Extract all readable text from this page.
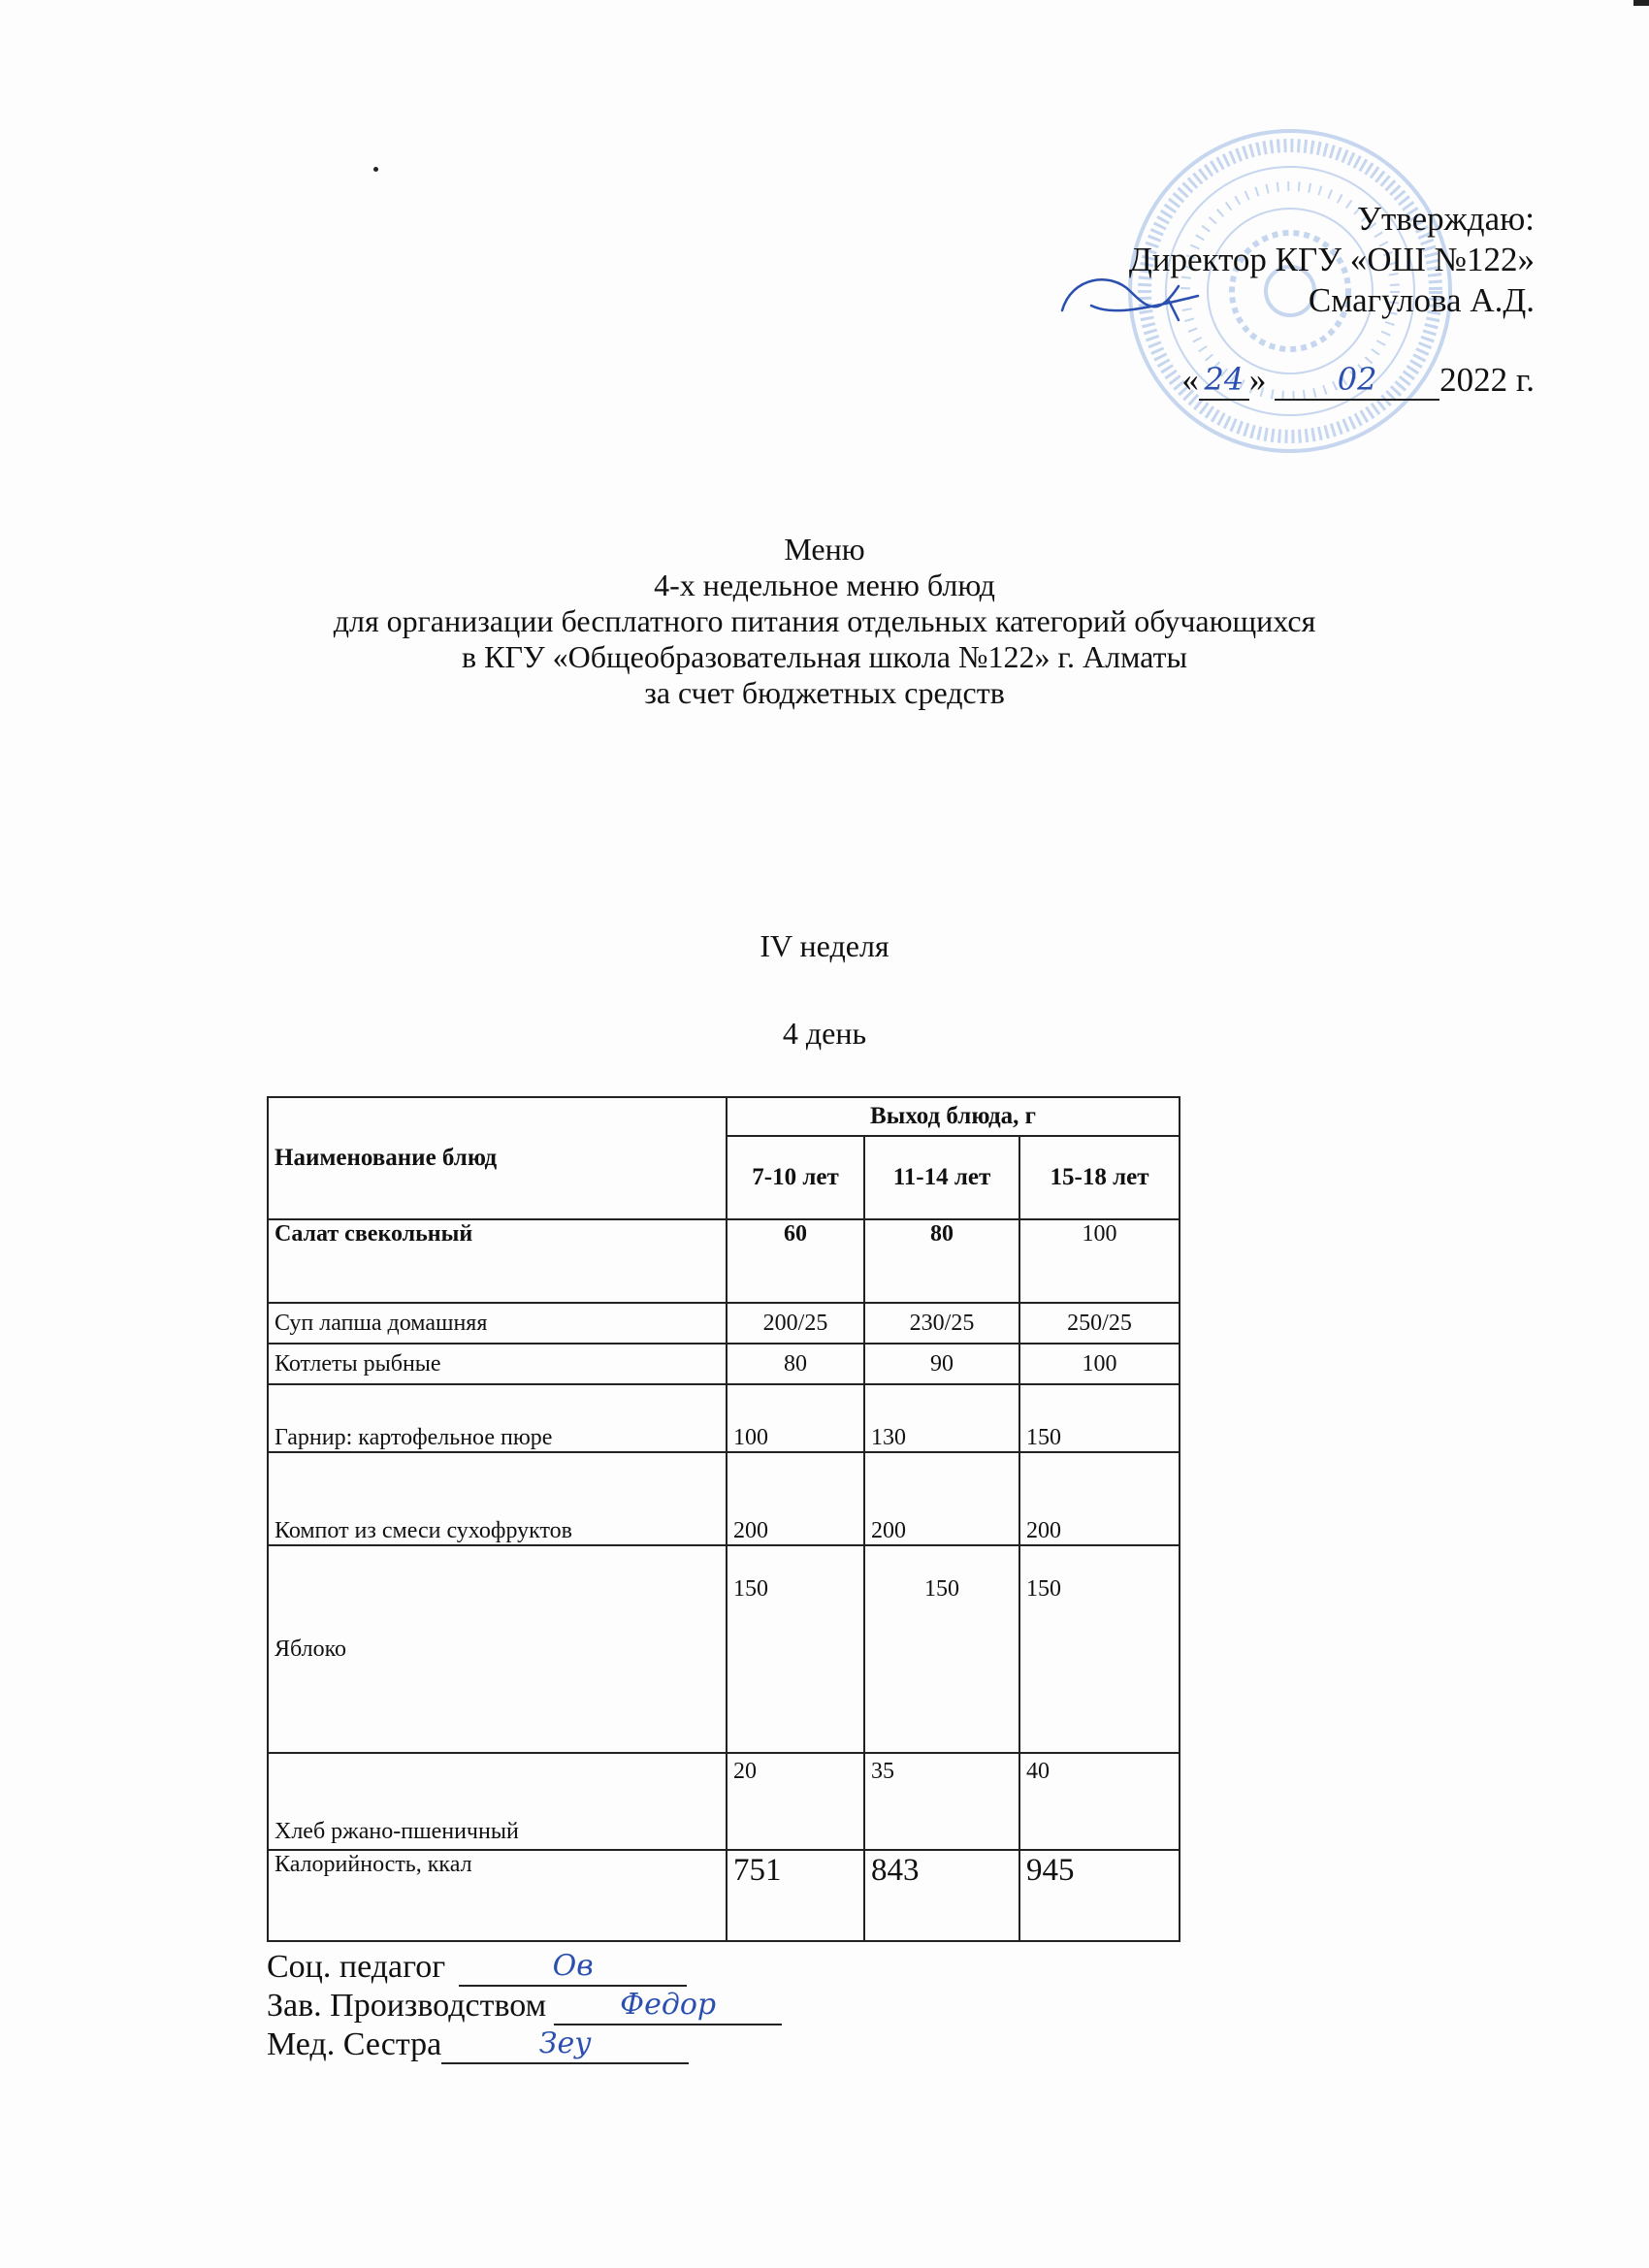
Утверждаю:
Директор КГУ «ОШ №122»
Смагулова А.Д.
« 24 » 02 2022 г.
Меню
4-х недельное меню блюд
для организации бесплатного питания отдельных категорий обучающихся
в КГУ «Общеобразовательная школа №122» г. Алматы
за счет бюджетных средств
IV неделя
4 день
Наименование блюд	Выход блюда, г		
	7-10 лет	11-14 лет	15-18 лет
Салат свекольный	60	80	100
Суп лапша домашняя	200/25	230/25	250/25
Котлеты рыбные	80	90	100
Гарнир: картофельное пюре	100	130	150
Компот из смеси сухофруктов	200	200	200
Яблоко	150	150	150
Хлеб ржано-пшеничный	20	35	40
Калорийность, ккал	751	843	945
Соц. педагог	Ов
Зав. Производством	Федор
Мед. Сестра	Зеу
